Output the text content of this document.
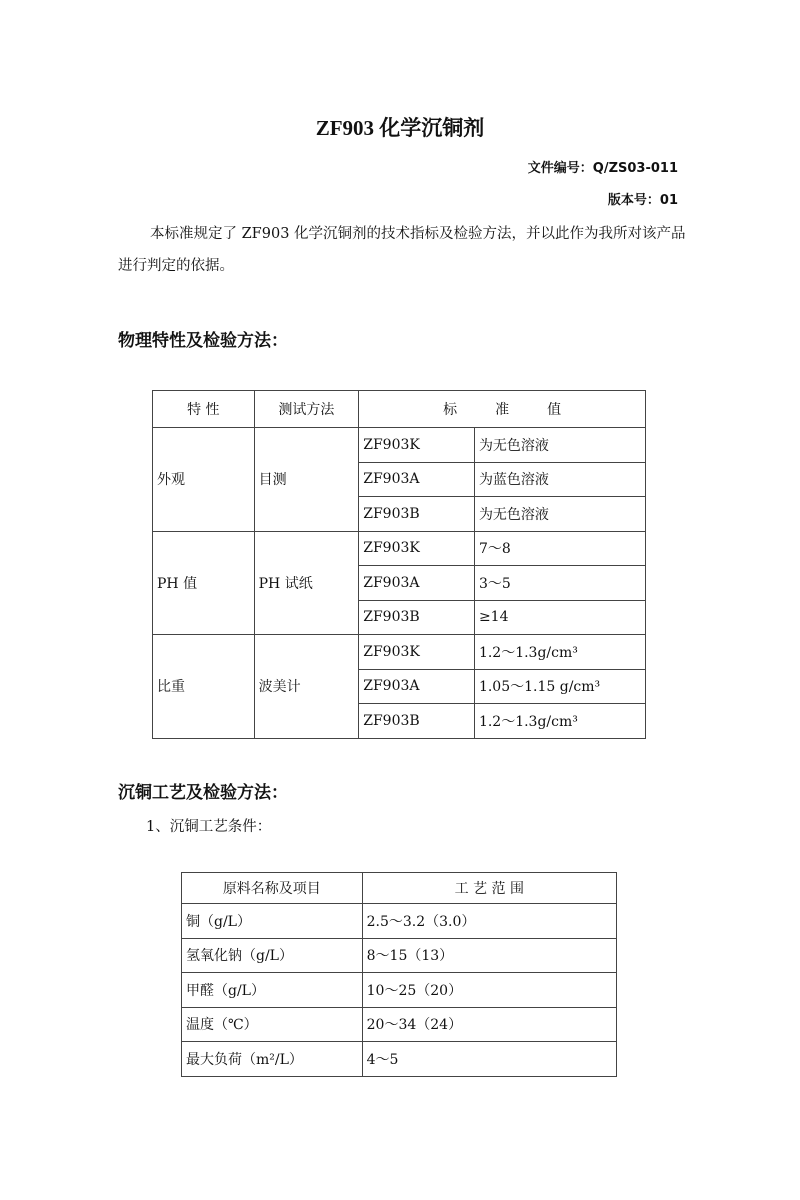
ZF903 化学沉铜剂
文件编号：Q/ZS03-011
版本号：01

本标准规定了 ZF903 化学沉铜剂的技术指标及检验方法，并以此作为我所对该产品进行判定的依据。

物理特性及检验方法：
特 性	测试方法	标 准 值	
外观	目测	ZF903K	为无色溶液
		ZF903A	为蓝色溶液
		ZF903B	为无色溶液
PH 值	PH 试纸	ZF903K	7～8
		ZF903A	3～5
		ZF903B	≥14
比重	波美计	ZF903K	1.2～1.3g/cm³
		ZF903A	1.05～1.15 g/cm³
		ZF903B	1.2～1.3g/cm³
沉铜工艺及检验方法：
1、沉铜工艺条件：
原料名称及项目	工 艺 范 围
铜（g/L）	2.5～3.2（3.0）
氢氧化钠（g/L）	8～15（13）
甲醛（g/L）	10～25（20）
温度（℃）	20～34（24）
最大负荷（m²/L）	4～5
